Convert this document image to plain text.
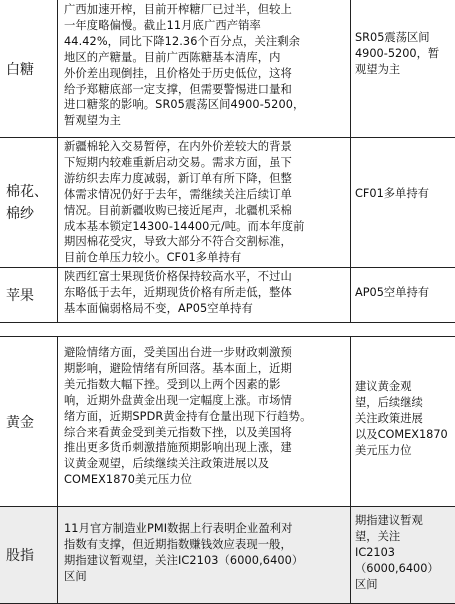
白糖
广西加速开榨，目前开榨糖厂已过半，但较上
一年度略偏慢。截止11月底广西产销率
44.42%，同比下降12.36个百分点，关注剩余
地区的产糖量。目前广西陈糖基本清库，内
外价差出现倒挂，且价格处于历史低位，这将
给予郑糖底部一定支撑，但需要警惕进口量和
进口糖浆的影响。SR05震荡区间4900-5200，
暂观望为主
SR05震荡区间
4900-5200，暂
观望为主
棉花、棉纱
新疆棉轮入交易暂停，在内外价差较大的背景
下短期内较难重新启动交易。需求方面，虽下
游纺织去库力度减弱，新订单有所下降，但整
体需求情况仍好于去年，需继续关注后续订单
情况。目前新疆收购已接近尾声，北疆机采棉
成本基本锁定14300-14400元/吨。而本年度前
期因棉花受灾，导致大部分不符合交割标准，
目前仓单压力较小。CF01多单持有
CF01多单持有
苹果
陕西红富士果现货价格保持较高水平，不过山
东略低于去年，近期现货价格有所走低，整体
基本面偏弱格局不变，AP05空单持有
AP05空单持有
黄金
避险情绪方面，受美国出台进一步财政刺激预
期影响，避险情绪有所回落。基本面上，近期
美元指数大幅下挫。受到以上两个因素的影
响，近期外盘黄金出现一定幅度上涨。市场情
绪方面，近期SPDR黄金持有仓量出现下行趋势。
综合来看黄金受到美元指数下挫，以及美国将
推出更多货币刺激措施预期影响出现上涨，建
议黄金观望，后续继续关注政策进展以及
COMEX1870美元压力位
建议黄金观
望，后续继续
关注政策进展
以及COMEX1870
美元压力位
股指
11月官方制造业PMI数据上行表明企业盈利对
指数有支撑，但近期指数赚钱效应表现一般，
期指建议暂观望，关注IC2103（6000,6400）
区间
期指建议暂观
望，关注
IC2103
（6000,6400）
区间
